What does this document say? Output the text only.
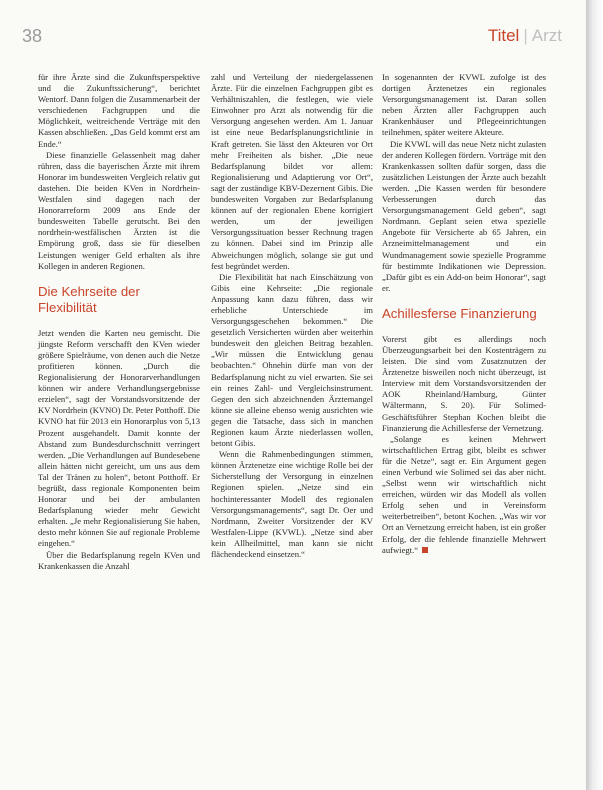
38	Titel | Arzt

für ihre Ärzte sind die Zukunftsperspektive und die Zukunftssicherung“, berichtet Wentorf. Dann folgen die Zusammenarbeit der verschiedenen Fachgruppen und die Möglichkeit, weitreichende Verträge mit den Kassen abschließen. „Das Geld kommt erst am Ende.“

Diese finanzielle Gelassenheit mag daher rühren, dass die bayerischen Ärzte mit ihrem Honorar im bundesweiten Vergleich relativ gut dastehen. Die beiden KVen in Nordrhein-Westfalen sind dagegen nach der Honorarreform 2009 ans Ende der bundesweiten Tabelle gerutscht. Bei den nordrhein-westfälischen Ärzten ist die Empörung groß, dass sie für dieselben Leistungen weniger Geld erhalten als ihre Kollegen in anderen Regionen.

Die Kehrseite der Flexibilität

Jetzt wenden die Karten neu gemischt. Die jüngste Reform verschafft den KVen wieder größere Spielräume, von denen auch die Netze profitieren können. „Durch die Regionalisierung der Honorarverhandlungen können wir andere Verhandlungsergebnisse erzielen“, sagt der Vorstandsvorsitzende der KV Nordrhein (KVNO) Dr. Peter Potthoff. Die KVNO hat für 2013 ein Honorarplus von 5,13 Prozent ausgehandelt. Damit konnte der Abstand zum Bundesdurchschnitt verringert werden. „Die Verhandlungen auf Bundesebene allein hätten nicht gereicht, um uns aus dem Tal der Tränen zu holen“, betont Potthoff. Er begrüßt, dass regionale Komponenten beim Honorar und bei der ambulanten Bedarfsplanung wieder mehr Gewicht erhalten. „Je mehr Regionalisierung Sie haben, desto mehr können Sie auf regionale Probleme eingehen.“

Über die Bedarfsplanung regeln KVen und Krankenkassen die Anzahl

zahl und Verteilung der niedergelassenen Ärzte. Für die einzelnen Fachgruppen gibt es Verhältniszahlen, die festlegen, wie viele Einwohner pro Arzt als notwendig für die Versorgung angesehen werden. Am 1. Januar ist eine neue Bedarfsplanungsrichtlinie in Kraft getreten. Sie lässt den Akteuren vor Ort mehr Freiheiten als bisher. „Die neue Bedarfsplanung bildet vor allem: Regionalisierung und Adaptierung vor Ort“, sagt der zuständige KBV-Dezernent Gibis. Die bundesweiten Vorgaben zur Bedarfsplanung können auf der regionalen Ebene korrigiert werden, um der jeweiligen Versorgungssituation besser Rechnung tragen zu können. Dabei sind im Prinzip alle Abweichungen möglich, solange sie gut und fest begründet werden.

Die Flexibilität hat nach Einschätzung von Gibis eine Kehrseite: „Die regionale Anpassung kann dazu führen, dass wir erhebliche Unterschiede im Versorgungsgeschehen bekommen.“ Die gesetzlich Versicherten würden aber weiterhin bundesweit den gleichen Beitrag bezahlen. „Wir müssen die Entwicklung genau beobachten.“ Ohnehin dürfe man von der Bedarfsplanung nicht zu viel erwarten. Sie sei ein reines Zahl- und Vergleichsinstrument. Gegen den sich abzeichnenden Ärztemangel könne sie alleine ebenso wenig ausrichten wie gegen die Tatsache, dass sich in manchen Regionen kaum Ärzte niederlassen wollen, betont Gibis.

Wenn die Rahmenbedingungen stimmen, können Ärztenetze eine wichtige Rolle bei der Sicherstellung der Versorgung in einzelnen Regionen spielen. „Netze sind ein hochinteressanter Modell des regionalen Versorgungsmanagements“, sagt Dr. Oer und Nordmann, Zweiter Vorsitzender der KV Westfalen-Lippe (KVWL). „Netze sind aber kein Allheilmittel, man kann sie nicht flächendeckend einsetzen.“

In sogenannten der KVWL zufolge ist des dortigen Ärztenetzes ein regionales Versorgungsmanagement ist. Daran sollen neben Ärzten aller Fachgruppen auch Krankenhäuser und Pflegeeinrichtungen teilnehmen, später weitere Akteure.

Die KVWL will das neue Netz nicht zulasten der anderen Kollegen fördern. Vorträge mit den Krankenkassen sollten dafür sorgen, dass die zusätzlichen Leistungen der Ärzte auch bezahlt werden. „Die Kassen werden für besondere Verbesserungen durch das Versorgungsmanagement Geld geben“, sagt Nordmann. Geplant seien etwa spezielle Angebote für Versicherte ab 65 Jahren, ein Arzneimittelmanagement und ein Wundmanagement sowie spezielle Programme für bestimmte Indikationen wie Depression. „Dafür gibt es ein Add-on beim Honorar“, sagt er.

Achillesferse Finanzierung

Vorerst gibt es allerdings noch Überzeugungsarbeit bei den Kostenträgern zu leisten. Die sind vom Zusatznutzen der Ärztenetze bisweilen noch nicht überzeugt, ist Interview mit dem Vorstandsvorsitzenden der AOK Rheinland/Hamburg, Günter Wältermann, S. 20). Für Solimed-Geschäftsführer Stephan Kochen bleibt die Finanzierung die Achillesferse der Vernetzung.

„Solange es keinen Mehrwert wirtschaftlichen Ertrag gibt, bleibt es schwer für die Netze“, sagt er. Ein Argument gegen einen Verbund wie Solimed sei das aber nicht. „Selbst wenn wir wirtschaftlich nicht erreichen, würden wir das Modell als vollen Erfolg sehen und in Vereinsform weiterbetreiben“, betont Kochen. „Was wir vor Ort an Vernetzung erreicht haben, ist ein großer Erfolg, der die fehlende finanzielle Mehrwert aufwiegt.“
